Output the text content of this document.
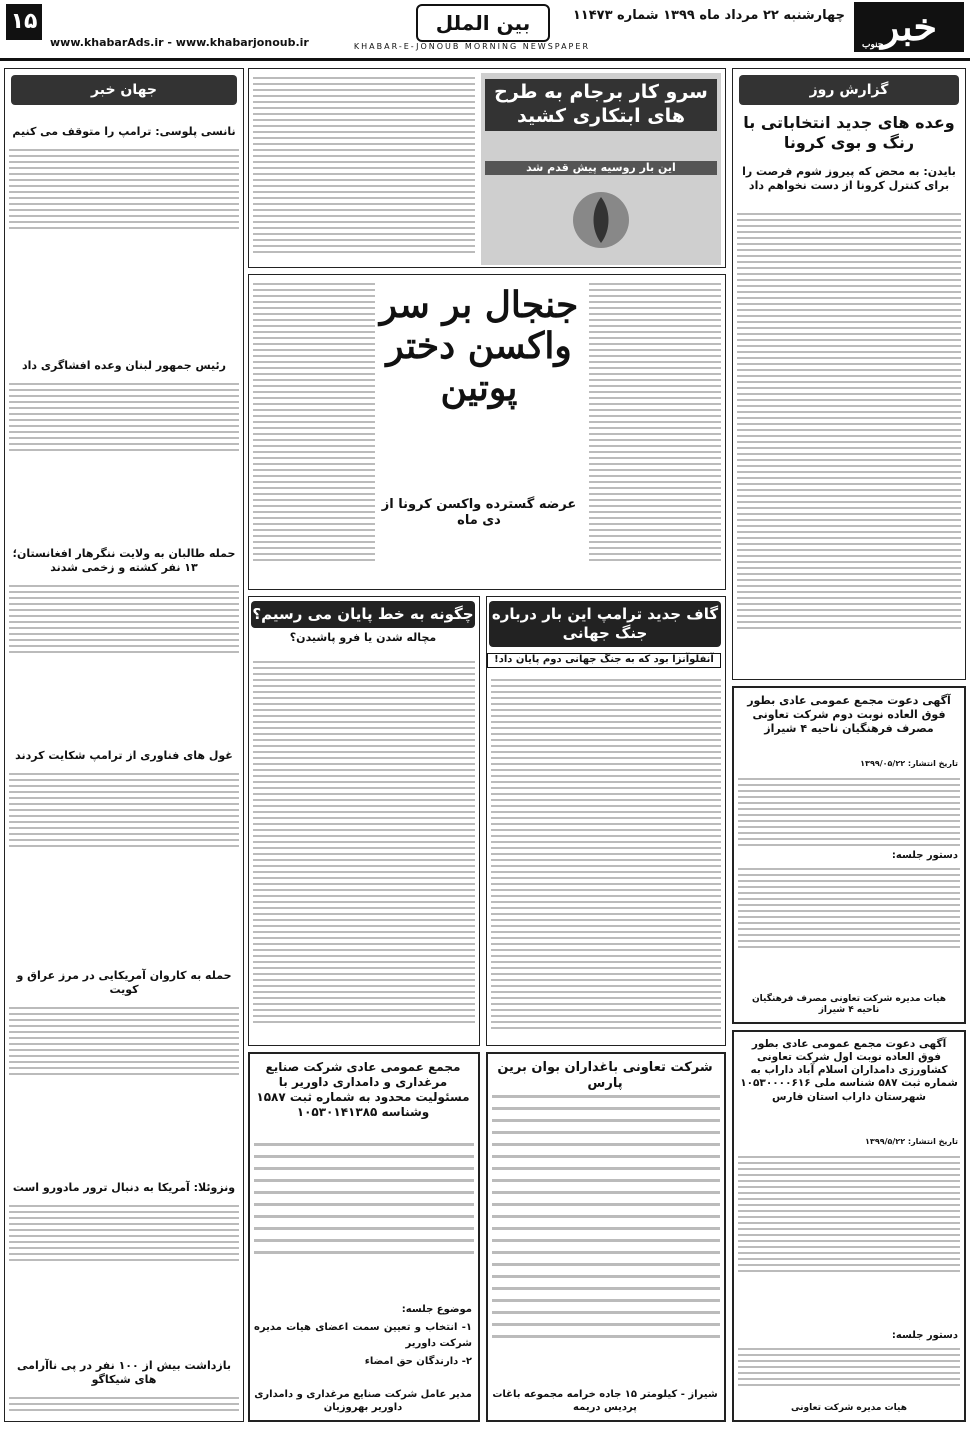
خبر
جنوب
چهارشنبه ۲۲ مرداد ماه ۱۳۹۹ شماره ۱۱۴۷۳
بین الملل
۱۵
www.khabarAds.ir - www.khabarjonoub.ir	KHABAR-E-JONOUB MORNING NEWSPAPER
گزارش روز
وعده های جدید انتخاباتی با رنگ و بوی کرونا
بایدن: به محض که پیروز شوم فرصت را برای کنترل کرونا از دست نخواهم داد
آگهی دعوت مجمع عمومی عادی بطور فوق العاده نوبت دوم شرکت تعاونی مصرف فرهنگیان ناحیه ۴ شیراز
تاریخ انتشار: ۱۳۹۹/۰۵/۲۲
دستور جلسه:
هیات مدیره شرکت تعاونی مصرف فرهنگیان ناحیه ۴ شیراز
آگهی دعوت مجمع عمومی عادی بطور فوق العاده نوبت اول شرکت تعاونی کشاورزی دامداران اسلام آباد داراب به شماره ثبت ۵۸۷ شناسه ملی ۱۰۵۳۰۰۰۰۶۱۶ شهرستان داراب استان فارس
تاریخ انتشار: ۱۳۹۹/۵/۲۲
دستور جلسه:
هیات مدیره شرکت تعاونی
سرو کار برجام به طرح های ابتکاری کشید
این بار روسیه پیش قدم شد
جنجال بر سر واکسن دختر پوتین
عرضه گسترده واکسن کرونا از دی ماه
گاف جدید ترامپ این بار درباره جنگ جهانی
آنفلوآنزا بود که به جنگ جهانی دوم پایان داد!
چگونه به خط پایان می رسیم؟
مچاله شدن یا فرو پاشیدن؟
شرکت تعاونی باغداران بوان برین پارس
شیراز - کیلومتر ۱۵ جاده خرامه مجموعه باغات پردیس دریمه
مجمع عمومی عادی شرکت صنایع مرغداری و دامداری داوریر با مسئولیت محدود به شماره ثبت ۱۵۸۷ وشناسه ۱۰۵۳۰۱۴۱۳۸۵
موضوع جلسه:
۱- انتخاب و تعیین سمت اعضای هیات مدیره شرکت داوریر
۲- دارندگان حق امضاء
مدیر عامل شرکت صنایع مرغداری و دامداری داوریر بهروزیان
جهان خبر
نانسی پلوسی: ترامپ را متوقف می کنیم
رئیس جمهور لبنان وعده افشاگری داد
حمله طالبان به ولایت ننگرهار افغانستان؛ ۱۳ نفر کشته و زخمی شدند
غول های فناوری از ترامپ شکایت کردند
حمله به کاروان آمریکایی در مرز عراق و کویت
ونزوئلا: آمریکا به دنبال ترور مادورو است
بازداشت بیش از ۱۰۰ نفر در پی ناآرامی های شیکاگو
